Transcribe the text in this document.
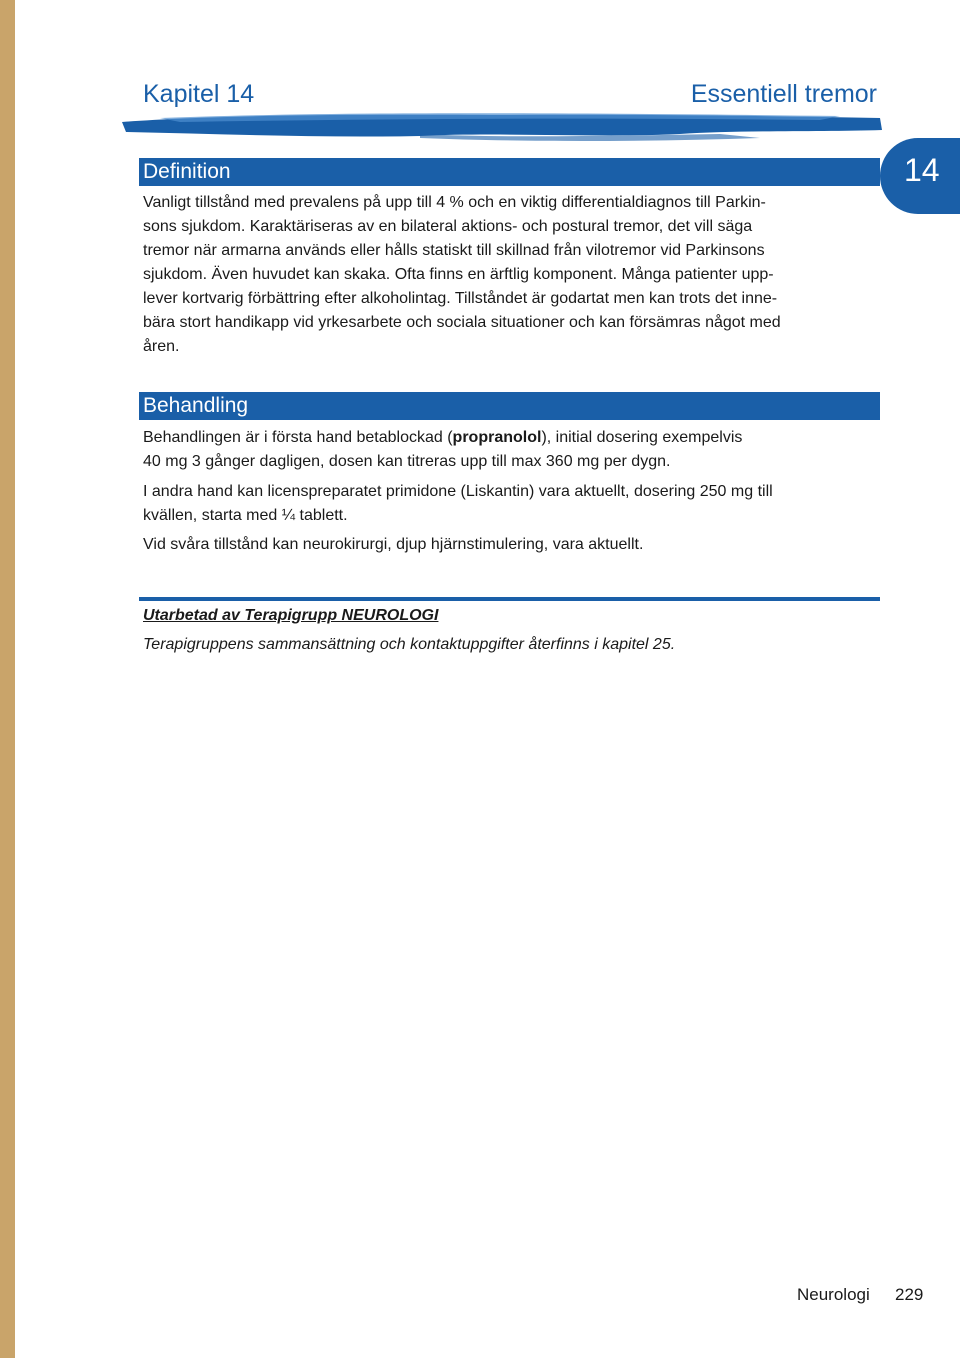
Kapitel 14	Essentiell tremor
14
Definition
Vanligt tillstånd med prevalens på upp till 4 % och en viktig differentialdiagnos till Parkin-
sons sjukdom. Karaktäriseras av en bilateral aktions- och postural tremor, det vill säga
tremor när armarna används eller hålls statiskt till skillnad från vilotremor vid Parkinsons
sjukdom. Även huvudet kan skaka. Ofta finns en ärftlig komponent. Många patienter upp-
lever kortvarig förbättring efter alkoholintag. Tillståndet är godartat men kan trots det inne-
bära stort handikapp vid yrkesarbete och sociala situationer och kan försämras något med
åren.
Behandling
Behandlingen är i första hand betablockad (propranolol), initial dosering exempelvis
40 mg 3 gånger dagligen, dosen kan titreras upp till max 360 mg per dygn.
I andra hand kan licenspreparatet primidone (Liskantin) vara aktuellt, dosering 250 mg till
kvällen, starta med ¼ tablett.
Vid svåra tillstånd kan neurokirurgi, djup hjärnstimulering, vara aktuellt.
Utarbetad av Terapigrupp NEUROLOGI
Terapigruppens sammansättning och kontaktuppgifter återfinns i kapitel 25.
Neurologi 229
